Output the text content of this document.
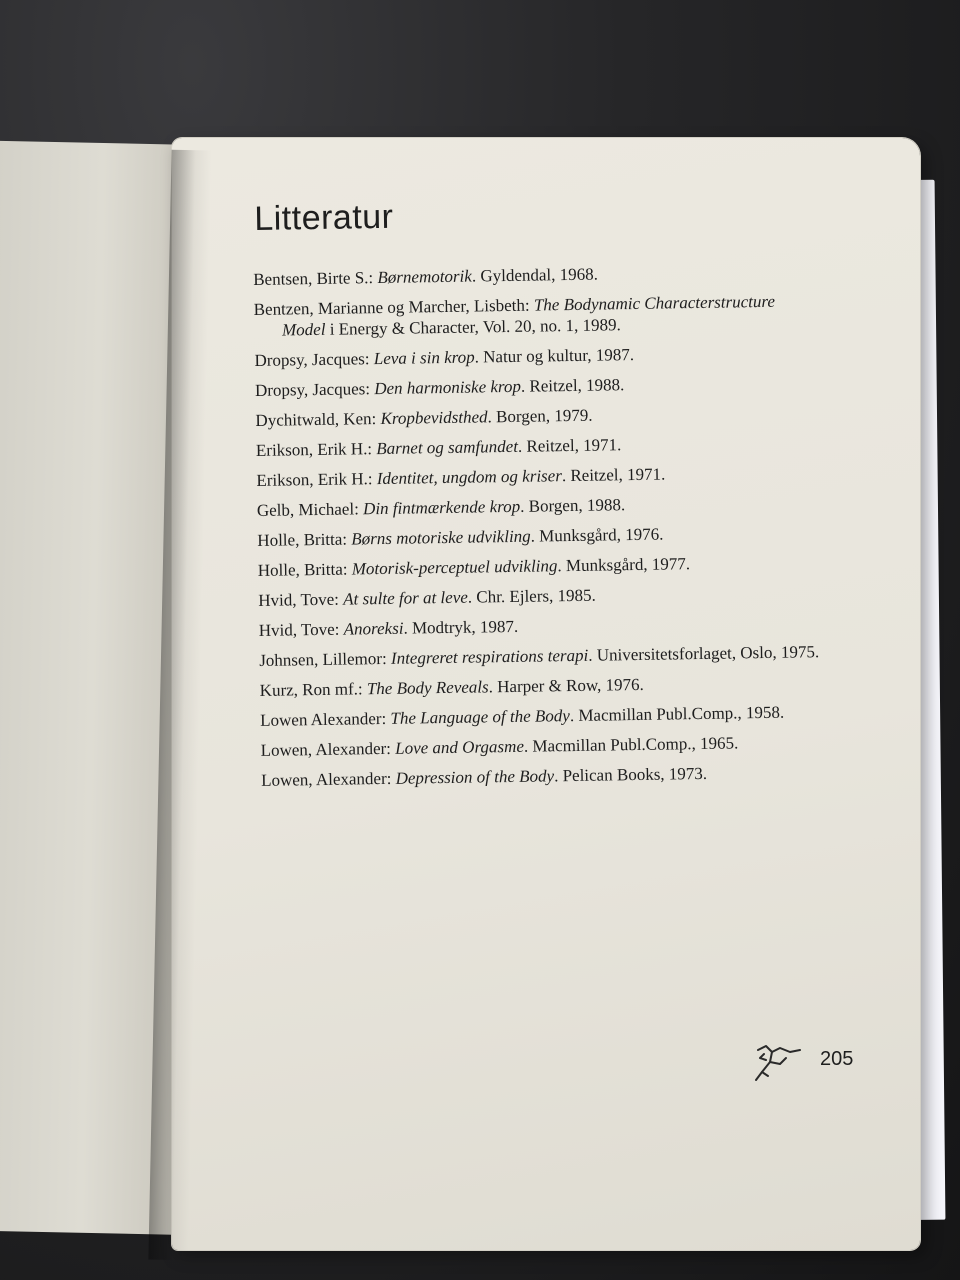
Litteratur
Bentsen, Birte S.: Børnemotorik. Gyldendal, 1968.
Bentzen, Marianne og Marcher, Lisbeth: The Bodynamic Characterstructure Model i Energy & Character, Vol. 20, no. 1, 1989.
Dropsy, Jacques: Leva i sin krop. Natur og kultur, 1987.
Dropsy, Jacques: Den harmoniske krop. Reitzel, 1988.
Dychitwald, Ken: Kropbevidsthed. Borgen, 1979.
Erikson, Erik H.: Barnet og samfundet. Reitzel, 1971.
Erikson, Erik H.: Identitet, ungdom og kriser. Reitzel, 1971.
Gelb, Michael: Din fintmærkende krop. Borgen, 1988.
Holle, Britta: Børns motoriske udvikling. Munksgård, 1976.
Holle, Britta: Motorisk-perceptuel udvikling. Munksgård, 1977.
Hvid, Tove: At sulte for at leve. Chr. Ejlers, 1985.
Hvid, Tove: Anoreksi. Modtryk, 1987.
Johnsen, Lillemor: Integreret respirations terapi. Universitetsforlaget, Oslo, 1975.
Kurz, Ron mf.: The Body Reveals. Harper & Row, 1976.
Lowen Alexander: The Language of the Body. Macmillan Publ.Comp., 1958.
Lowen, Alexander: Love and Orgasme. Macmillan Publ.Comp., 1965.
Lowen, Alexander: Depression of the Body. Pelican Books, 1973.
205
